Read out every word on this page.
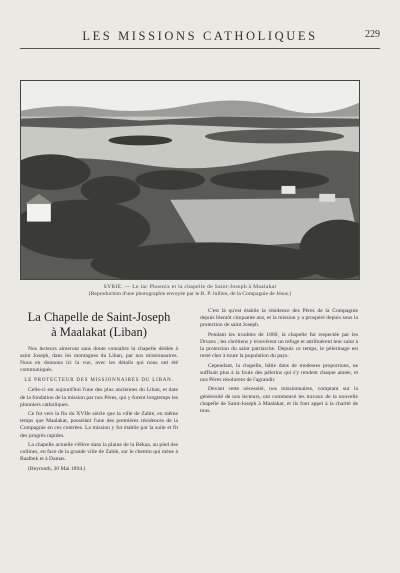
LES MISSIONS CATHOLIQUES	229
SYRIE. — Le lac Phoenix et la chapelle de Saint-Joseph à Maalakat
(Reproduction d'une photographie envoyée par le R. P. Jullien, de la Compagnie de Jésus.)
La Chapelle de Saint-Joseph
à Maalakat (Liban)

Nos lecteurs aimeront sans doute connaître la chapelle dédiée à saint Joseph, dans les montagnes du Liban, par nos missionnaires. Nous en donnons ici la vue, avec les détails qui nous ont été communiqués.

LE PROTECTEUR DES MISSIONNAIRES DU LIBAN.

Celle-ci est aujourd'hui l'une des plus anciennes du Liban, et date de la fondation de la mission par nos Pères, qui y furent longtemps les pionniers catholiques.

Ce fut vers la fin du XVIIe siècle que la ville de Zahlé, en même temps que Maalakat, possédait l'une des premières résidences de la Compagnie en ces contrées. La mission y fut établie par la suite et fit des progrès rapides.

La chapelle actuelle s'élève dans la plaine de la Békaa, au pied des collines, en face de la grande ville de Zahlé, sur le chemin qui mène à Baalbek et à Damas.

(Beyrouth, 30 Mai 1894.)

C'est là qu'est établie la résidence des Pères de la Compagnie depuis bientôt cinquante ans, et la mission y a prospéré depuis sous la protection de saint Joseph.

Pendant les troubles de 1860, la chapelle fut respectée par les Druzes ; les chrétiens y trouvèrent un refuge et attribuèrent leur salut à la protection du saint patriarche. Depuis ce temps, le pèlerinage est resté cher à toute la population du pays.

Cependant, la chapelle, bâtie dans de modestes proportions, ne suffisait plus à la foule des pèlerins qui s'y rendent chaque année, et nos Pères résolurent de l'agrandir.

Devant cette nécessité, nos missionnaires, comptant sur la générosité de nos lecteurs, ont commencé les travaux de la nouvelle chapelle de Saint-Joseph à Maalakat, et ils font appel à la charité de tous.
